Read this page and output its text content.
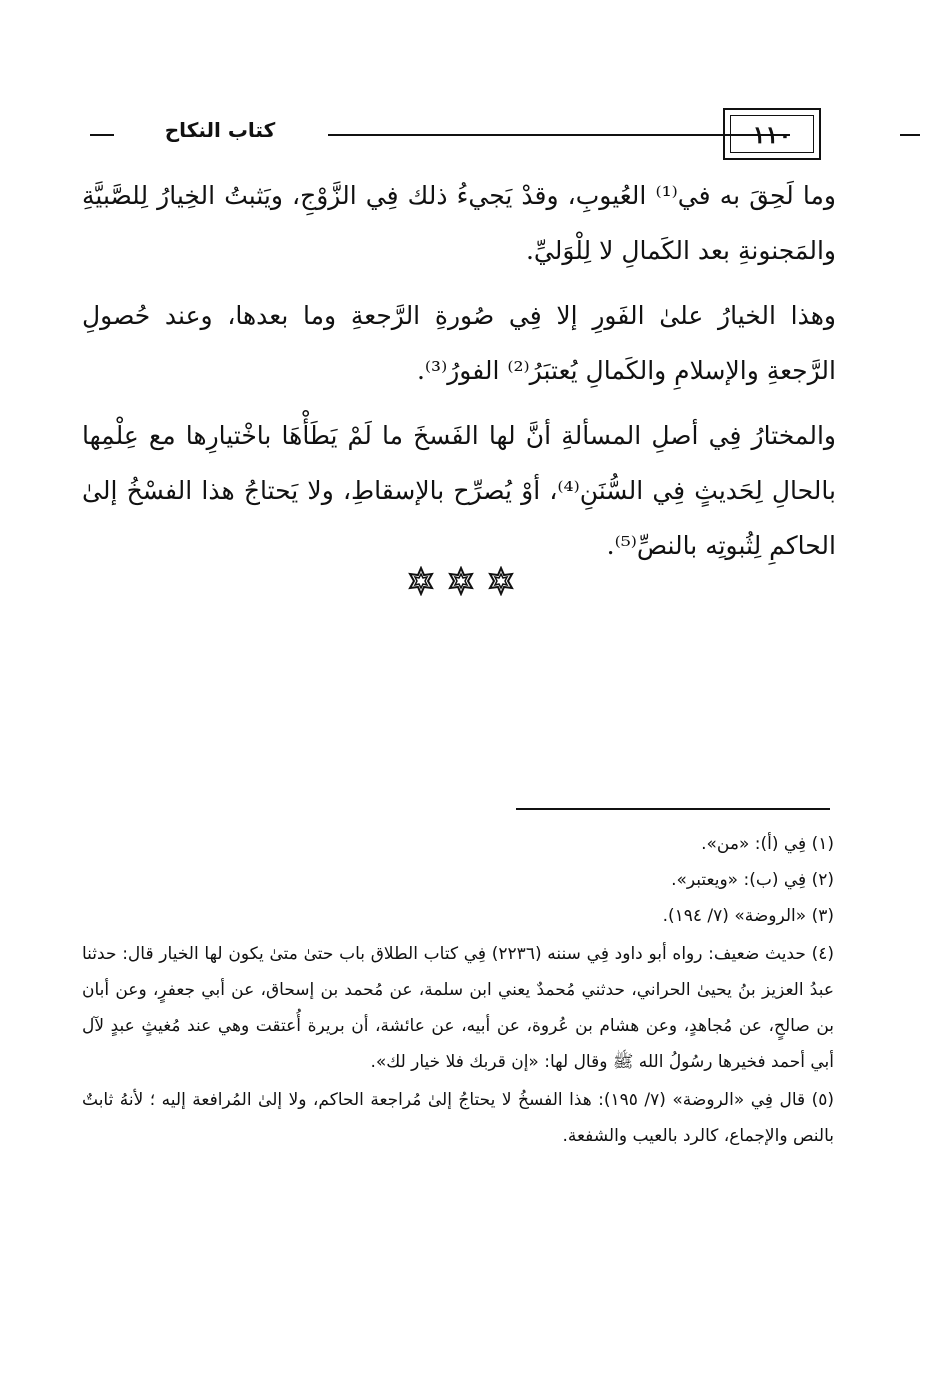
كتاب النكاح	١١٠

وما لَحِقَ به في⁽¹⁾ العُيوبِ، وقدْ يَجيءُ ذلك فِي الزَّوْجِ، ويَثبتُ الخِيارُ لِلصَّبيَّةِ والمَجنونةِ بعد الكَمالِ لا لِلْوَليِّ.

وهذا الخيارُ علىٰ الفَورِ إلا فِي صُورةِ الرَّجعةِ وما بعدها، وعند حُصولِ الرَّجعةِ والإسلامِ والكَمالِ يُعتبَرُ⁽²⁾ الفورُ⁽³⁾.

والمختارُ فِي أصلِ المسألةِ أنَّ لها الفَسخَ ما لَمْ يَطَأْهَا باخْتيارِها مع عِلْمِها بالحالِ لِحَديثٍ فِي السُّنَنِ⁽⁴⁾، أوْ يُصرِّح بالإسقاطِ، ولا يَحتاجُ هذا الفسْخُ إلىٰ الحاكمِ لِثُبوتِه بالنصِّ⁽⁵⁾.

(١) فِي (أ): «من».

(٢) فِي (ب): «ويعتبر».

(٣) «الروضة» (٧/ ١٩٤).

(٤) حديث ضعيف: رواه أبو داود فِي سننه (٢٢٣٦) فِي كتاب الطلاق باب حتىٰ متىٰ يكون لها الخيار قال: حدثنا عبدُ العزيز بنُ يحيىٰ الحراني، حدثني مُحمدٌ يعني ابن سلمة، عن مُحمد بن إسحاق، عن أبي جعفرٍ، وعن أبان بن صالحٍ، عن مُجاهدٍ، وعن هشام بن عُروة، عن أبيه، عن عائشة، أن بريرة أُعتقت وهي عند مُغيثٍ عبدٍ لآل أبي أحمد فخيرها رسُولُ الله ﷺ وقال لها: «إن قربك فلا خيار لك».

(٥) قال فِي «الروضة» (٧/ ١٩٥): هذا الفسخُ لا يحتاجُ إلىٰ مُراجعة الحاكم، ولا إلىٰ المُرافعة إليه ؛ لأنهُ ثابتٌ بالنص والإجماع، كالرد بالعيب والشفعة.
